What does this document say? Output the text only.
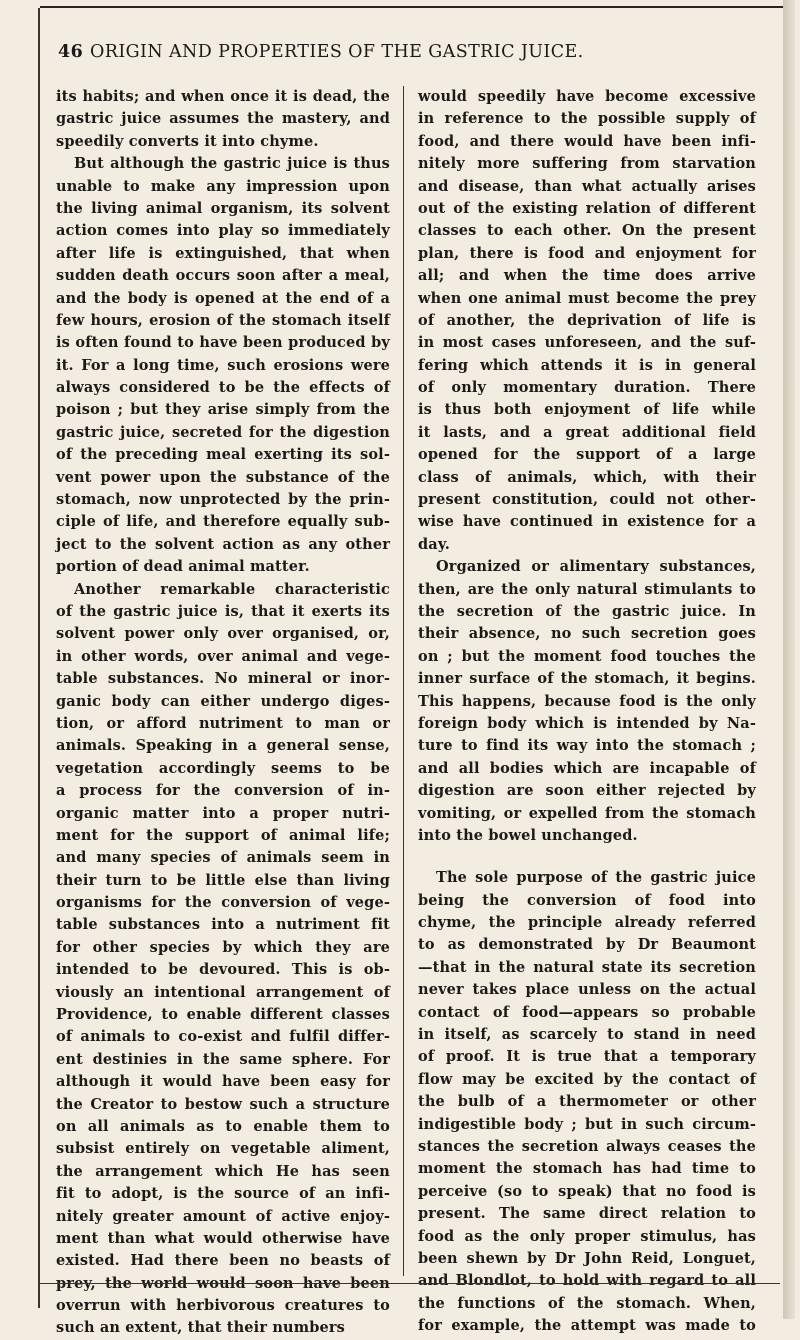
46 ORIGIN AND PROPERTIES OF THE GASTRIC JUICE.
its habits; and when once it is dead, the
gastric juice assumes the mastery, and
speedily converts it into chyme.
But although the gastric juice is thus
unable to make any impression upon
the living animal organism, its solvent
action comes into play so immediately
after life is extinguished, that when
sudden death occurs soon after a meal,
and the body is opened at the end of a
few hours, erosion of the stomach itself
is often found to have been produced by
it. For a long time, such erosions were
always considered to be the effects of
poison ; but they arise simply from the
gastric juice, secreted for the digestion
of the preceding meal exerting its sol-
vent power upon the substance of the
stomach, now unprotected by the prin-
ciple of life, and therefore equally sub-
ject to the solvent action as any other
portion of dead animal matter.
Another remarkable characteristic
of the gastric juice is, that it exerts its
solvent power only over organised, or,
in other words, over animal and vege-
table substances. No mineral or inor-
ganic body can either undergo diges-
tion, or afford nutriment to man or
animals. Speaking in a general sense,
vegetation accordingly seems to be
a process for the conversion of in-
organic matter into a proper nutri-
ment for the support of animal life;
and many species of animals seem in
their turn to be little else than living
organisms for the conversion of vege-
table substances into a nutriment fit
for other species by which they are
intended to be devoured. This is ob-
viously an intentional arrangement of
Providence, to enable different classes
of animals to co-exist and fulfil differ-
ent destinies in the same sphere. For
although it would have been easy for
the Creator to bestow such a structure
on all animals as to enable them to
subsist entirely on vegetable aliment,
the arrangement which He has seen
fit to adopt, is the source of an infi-
nitely greater amount of active enjoy-
ment than what would otherwise have
existed. Had there been no beasts of
prey, the world would soon have been
overrun with herbivorous creatures to
such an extent, that their numbers
would speedily have become excessive
in reference to the possible supply of
food, and there would have been infi-
nitely more suffering from starvation
and disease, than what actually arises
out of the existing relation of different
classes to each other. On the present
plan, there is food and enjoyment for
all; and when the time does arrive
when one animal must become the prey
of another, the deprivation of life is
in most cases unforeseen, and the suf-
fering which attends it is in general
of only momentary duration. There
is thus both enjoyment of life while
it lasts, and a great additional field
opened for the support of a large
class of animals, which, with their
present constitution, could not other-
wise have continued in existence for a
day.
Organized or alimentary substances,
then, are the only natural stimulants to
the secretion of the gastric juice. In
their absence, no such secretion goes
on ; but the moment food touches the
inner surface of the stomach, it begins.
This happens, because food is the only
foreign body which is intended by Na-
ture to find its way into the stomach ;
and all bodies which are incapable of
digestion are soon either rejected by
vomiting, or expelled from the stomach
into the bowel unchanged.
The sole purpose of the gastric juice
being the conversion of food into
chyme, the principle already referred
to as demonstrated by Dr Beaumont
—that in the natural state its secretion
never takes place unless on the actual
contact of food—appears so probable
in itself, as scarcely to stand in need
of proof. It is true that a temporary
flow may be excited by the contact of
the bulb of a thermometer or other
indigestible body ; but in such circum-
stances the secretion always ceases the
moment the stomach has had time to
perceive (so to speak) that no food is
present. The same direct relation to
food as the only proper stimulus, has
been shewn by Dr John Reid, Longuet,
and Blondlot, to hold with regard to all
the functions of the stomach. When,
for example, the attempt was made to
